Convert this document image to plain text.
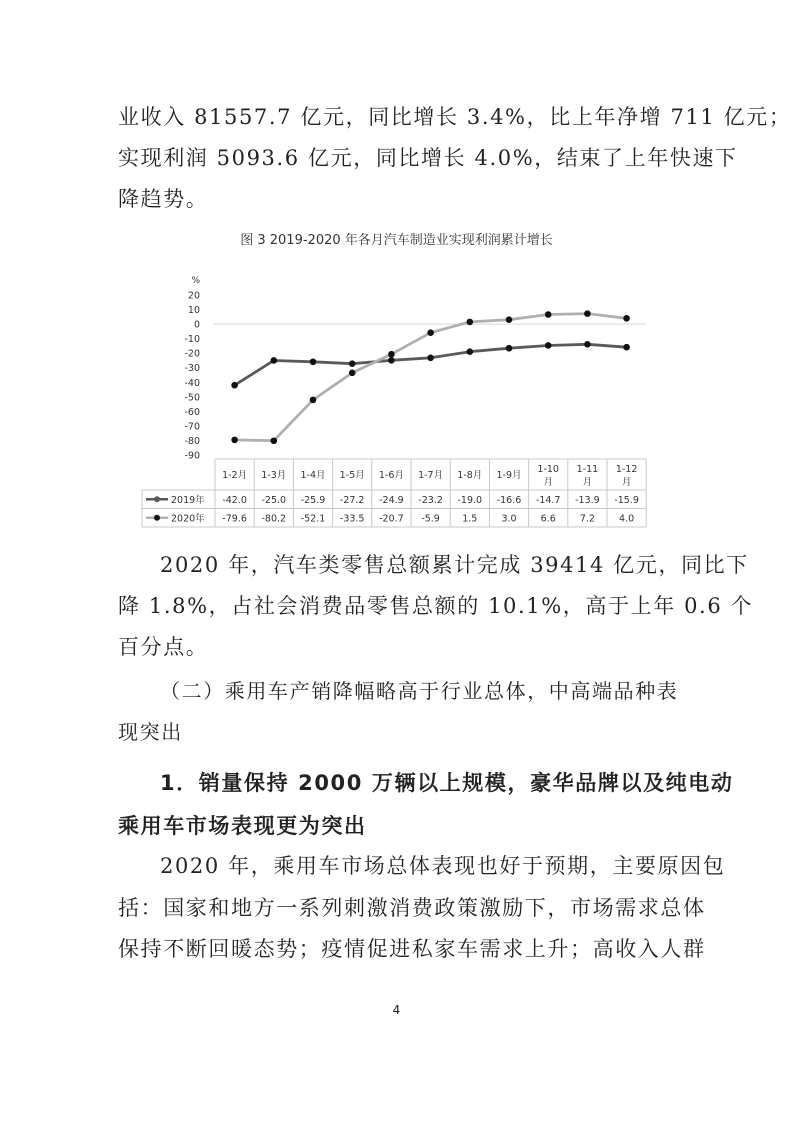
业收入 81557.7 亿元，同比增长 3.4%，比上年净增 711 亿元；
实现利润 5093.6 亿元，同比增长 4.0%，结束了上年快速下
降趋势。
图 3 2019-2020 年各月汽车制造业实现利润累计增长
%
20
10
0
-10
-20
-30
-40
-50
-60
-70
-80
-90
1-2月 1-3月 1-4月 1-5月 1-6月 1-7月 1-8月 1-9月
1-10
月
1-11
月
1-12
月
2019年 -42.0 -25.0 -25.9 -27.2 -24.9 -23.2 -19.0 -16.6 -14.7 -13.9 -15.9
2020年 -79.6 -80.2 -52.1 -33.5 -20.7 -5.9 1.5	3.0	6.6	7.2	4.0
2020 年，汽车类零售总额累计完成 39414 亿元，同比下
降 1.8%，占社会消费品零售总额的 10.1%，高于上年 0.6 个
百分点。
（二）乘用车产销降幅略高于行业总体，中高端品种表
现突出
1．销量保持 2000 万辆以上规模，豪华品牌以及纯电动
乘用车市场表现更为突出
2020 年，乘用车市场总体表现也好于预期，主要原因包
括：国家和地方一系列刺激消费政策激励下，市场需求总体
保持不断回暖态势；疫情促进私家车需求上升；高收入人群
4
